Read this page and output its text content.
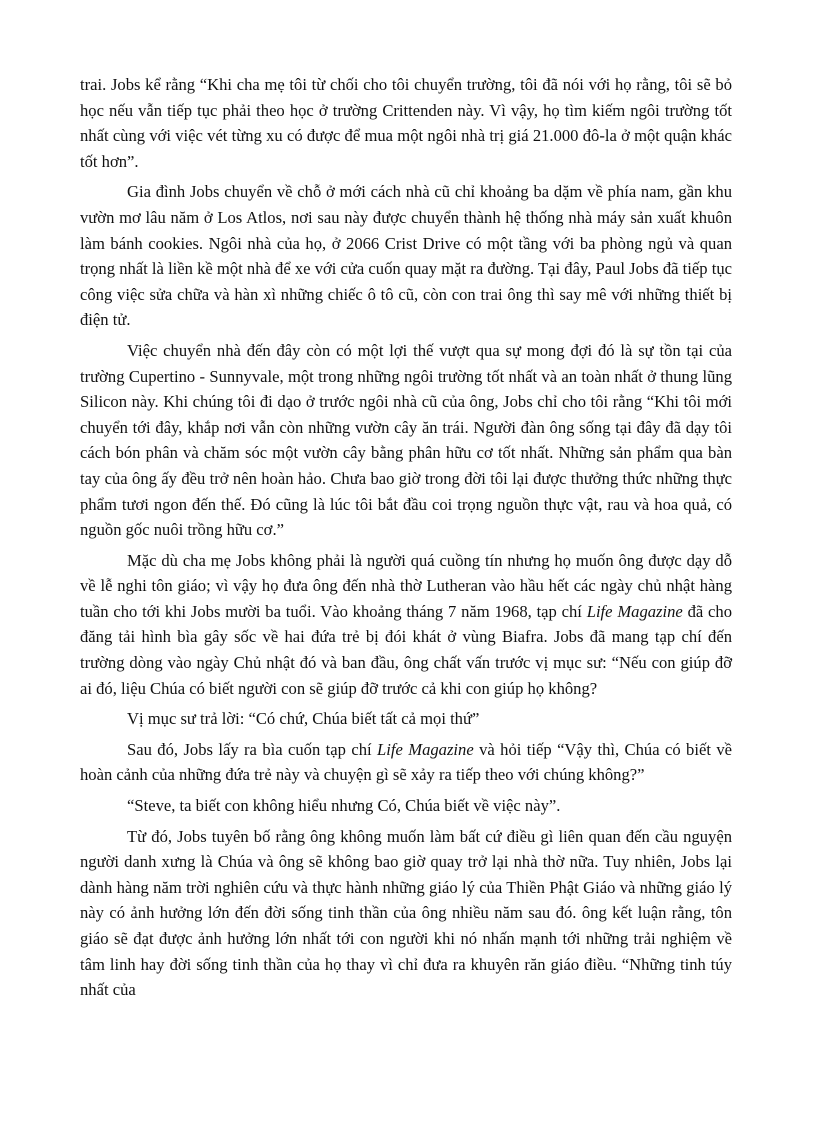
trai. Jobs kể rằng “Khi cha mẹ tôi từ chối cho tôi chuyển trường, tôi đã nói với họ rằng, tôi sẽ bỏ học nếu vẫn tiếp tục phải theo học ở trường Crittenden này. Vì vậy, họ tìm kiếm ngôi trường tốt nhất cùng với việc vét từng xu có được để mua một ngôi nhà trị giá 21.000 đô-la ở một quận khác tốt hơn”.

Gia đình Jobs chuyển về chỗ ở mới cách nhà cũ chỉ khoảng ba dặm về phía nam, gần khu vườn mơ lâu năm ở Los Atlos, nơi sau này được chuyển thành hệ thống nhà máy sản xuất khuôn làm bánh cookies. Ngôi nhà của họ, ở 2066 Crist Drive có một tầng với ba phòng ngủ và quan trọng nhất là liền kề một nhà để xe với cửa cuốn quay mặt ra đường. Tại đây, Paul Jobs đã tiếp tục công việc sửa chữa và hàn xì những chiếc ô tô cũ, còn con trai ông thì say mê với những thiết bị điện tử.

Việc chuyển nhà đến đây còn có một lợi thế vượt qua sự mong đợi đó là sự tồn tại của trường Cupertino - Sunnyvale, một trong những ngôi trường tốt nhất và an toàn nhất ở thung lũng Silicon này. Khi chúng tôi đi dạo ở trước ngôi nhà cũ của ông, Jobs chỉ cho tôi rằng “Khi tôi mới chuyển tới đây, khắp nơi vẫn còn những vườn cây ăn trái. Người đàn ông sống tại đây đã dạy tôi cách bón phân và chăm sóc một vườn cây bằng phân hữu cơ tốt nhất. Những sản phẩm qua bàn tay của ông ấy đều trở nên hoàn hảo. Chưa bao giờ trong đời tôi lại được thưởng thức những thực phẩm tươi ngon đến thế. Đó cũng là lúc tôi bắt đầu coi trọng nguồn thực vật, rau và hoa quả, có nguồn gốc nuôi trồng hữu cơ.”

Mặc dù cha mẹ Jobs không phải là người quá cuồng tín nhưng họ muốn ông được dạy dỗ về lễ nghi tôn giáo; vì vậy họ đưa ông đến nhà thờ Lutheran vào hầu hết các ngày chủ nhật hàng tuần cho tới khi Jobs mười ba tuổi. Vào khoảng tháng 7 năm 1968, tạp chí Life Magazine đã cho đăng tải hình bìa gây sốc về hai đứa trẻ bị đói khát ở vùng Biafra. Jobs đã mang tạp chí đến trường dòng vào ngày Chủ nhật đó và ban đầu, ông chất vấn trước vị mục sư: “Nếu con giúp đỡ ai đó, liệu Chúa có biết người con sẽ giúp đỡ trước cả khi con giúp họ không?

Vị mục sư trả lời: “Có chứ, Chúa biết tất cả mọi thứ”

Sau đó, Jobs lấy ra bìa cuốn tạp chí Life Magazine và hỏi tiếp “Vậy thì, Chúa có biết về hoàn cảnh của những đứa trẻ này và chuyện gì sẽ xảy ra tiếp theo với chúng không?”

“Steve, ta biết con không hiểu nhưng Có, Chúa biết về việc này”.

Từ đó, Jobs tuyên bố rằng ông không muốn làm bất cứ điều gì liên quan đến cầu nguyện người danh xưng là Chúa và ông sẽ không bao giờ quay trở lại nhà thờ nữa. Tuy nhiên, Jobs lại dành hàng năm trời nghiên cứu và thực hành những giáo lý của Thiền Phật Giáo và những giáo lý này có ảnh hưởng lớn đến đời sống tinh thần của ông nhiều năm sau đó. ông kết luận rằng, tôn giáo sẽ đạt được ảnh hưởng lớn nhất tới con người khi nó nhấn mạnh tới những trải nghiệm về tâm linh hay đời sống tinh thần của họ thay vì chỉ đưa ra khuyên răn giáo điều. “Những tinh túy nhất của
